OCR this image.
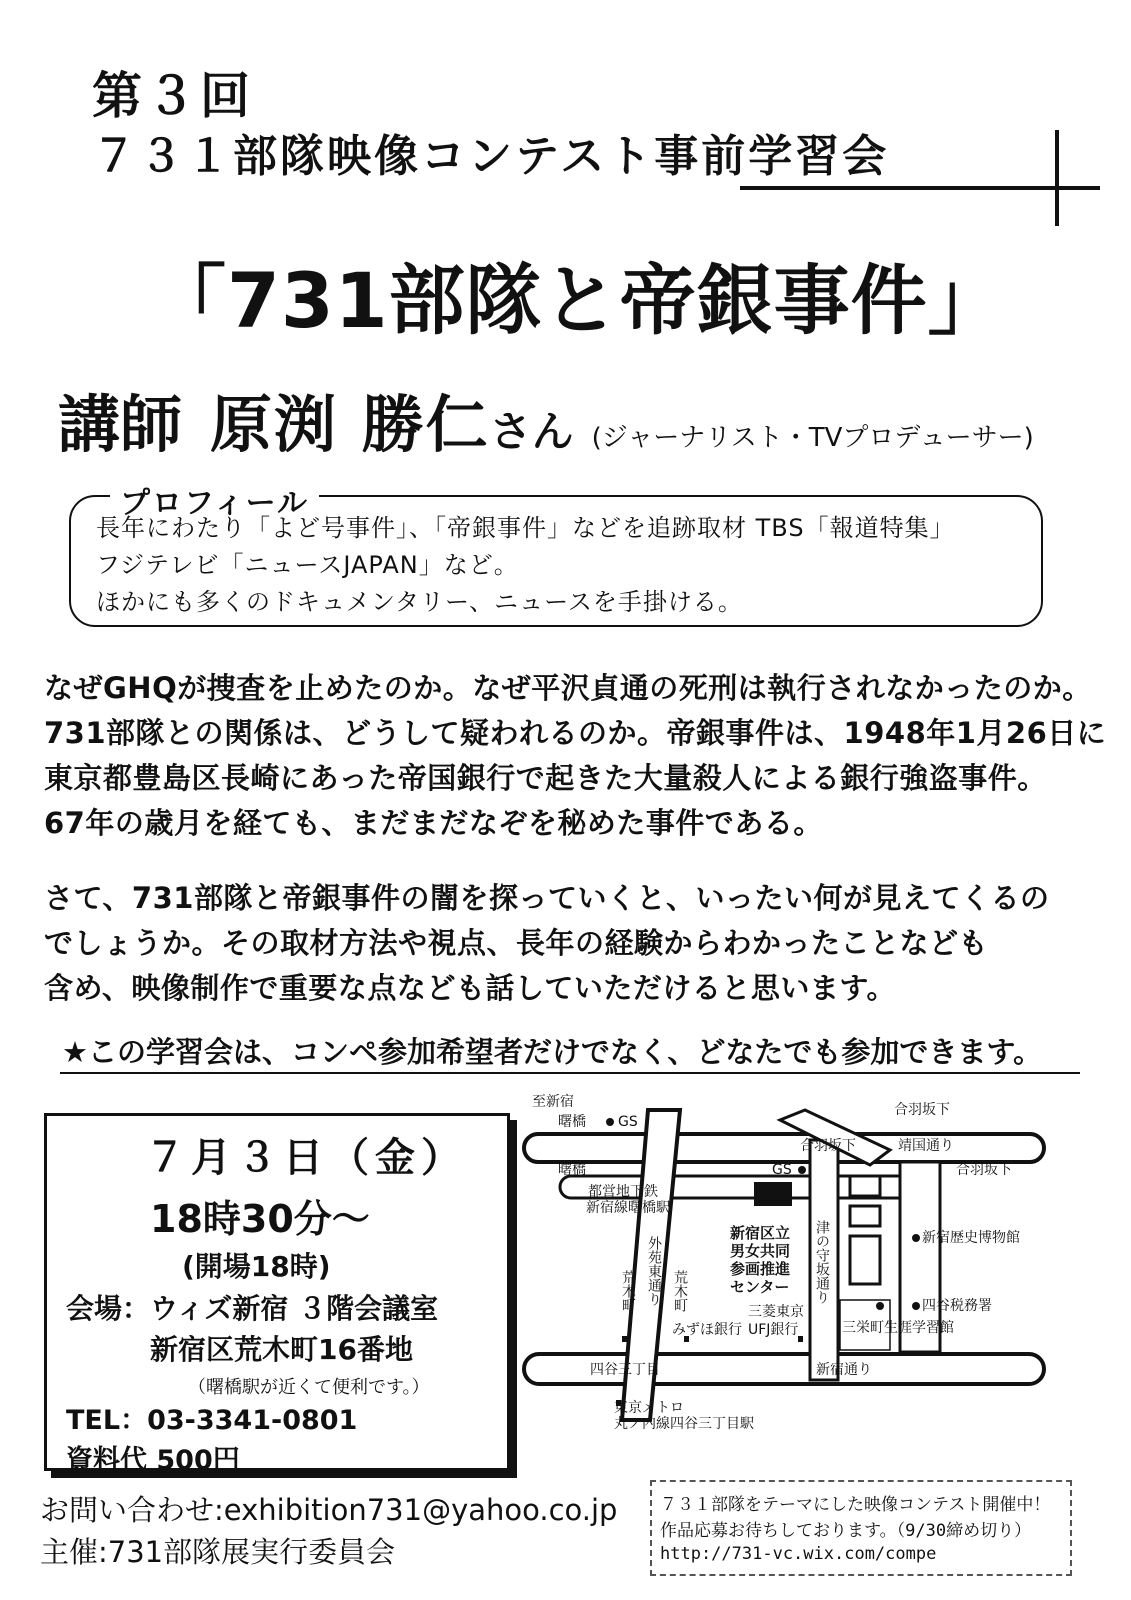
第３回
７３１部隊映像コンテスト事前学習会
「731部隊と帝銀事件」
講師 原渕 勝仁さん (ジャーナリスト・TVプロデューサー)
プロフィール
長年にわたり「よど号事件」、「帝銀事件」などを追跡取材 TBS「報道特集」
フジテレビ「ニュースJAPAN」など。
ほかにも多くのドキュメンタリー、ニュースを手掛ける。
なぜGHQが捜査を止めたのか。なぜ平沢貞通の死刑は執行されなかったのか。
731部隊との関係は、どうして疑われるのか。帝銀事件は、1948年1月26日に
東京都豊島区長崎にあった帝国銀行で起きた大量殺人による銀行強盗事件。
67年の歳月を経ても、まだまだなぞを秘めた事件である。
さて、731部隊と帝銀事件の闇を探っていくと、いったい何が見えてくるの
でしょうか。その取材方法や視点、長年の経験からわかったことなども
含め、映像制作で重要な点なども話していただけると思います。
★この学習会は、コンペ参加希望者だけでなく、どなたでも参加できます。
７月３日（金）
18時30分～
(開場18時)
会場：ウィズ新宿 ３階会議室
新宿区荒木町16番地
（曙橋駅が近くて便利です。）
TEL：03-3341-0801
資料代 500円
お問い合わせ:exhibition731@yahoo.co.jp
主催:731部隊展実行委員会
７３１部隊をテーマにした映像コンテスト開催中！
作品応募お待ちしております。（9/30締め切り）
http://731-vc.wix.com/compe
至新宿
曙橋 GS
GS
曙橋
都営地下鉄
新宿線曙橋駅
外苑東通り
荒木町	荒木町
新宿区立
男女共同
参画推進
センター 津の守坂通り
合羽坂下
合羽坂下	靖国通り
合羽坂下
新宿歴史博物館
四谷税務署
三栄町生涯学習館
みずほ銀行
三菱東京
UFJ銀行
四谷三丁目	新宿通り
東京メトロ
丸ノ内線四谷三丁目駅
